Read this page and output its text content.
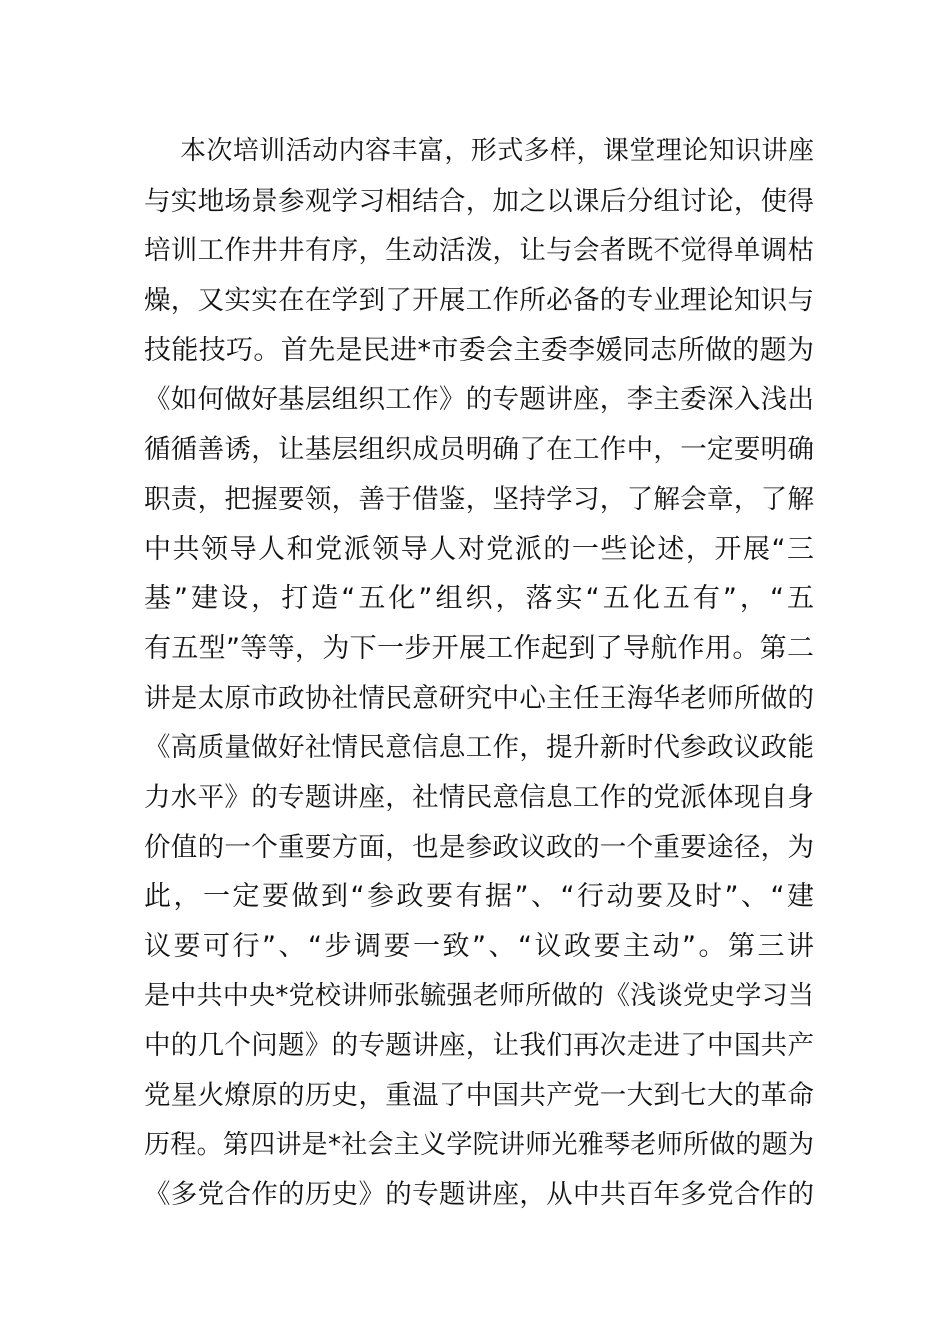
本次培训活动内容丰富，形式多样，课堂理论知识讲座
与实地场景参观学习相结合，加之以课后分组讨论，使得
培训工作井井有序，生动活泼，让与会者既不觉得单调枯
燥，又实实在在学到了开展工作所必备的专业理论知识与
技能技巧。首先是民进*市委会主委李媛同志所做的题为
《如何做好基层组织工作》的专题讲座，李主委深入浅出
循循善诱，让基层组织成员明确了在工作中，一定要明确
职责，把握要领，善于借鉴，坚持学习，了解会章，了解
中共领导人和党派领导人对党派的一些论述，开展“三
基”建设，打造“五化”组织，落实“五化五有”，“五
有五型”等等，为下一步开展工作起到了导航作用。第二
讲是太原市政协社情民意研究中心主任王海华老师所做的
《高质量做好社情民意信息工作，提升新时代参政议政能
力水平》的专题讲座，社情民意信息工作的党派体现自身
价值的一个重要方面，也是参政议政的一个重要途径，为
此，一定要做到“参政要有据”、“行动要及时”、“建
议要可行”、“步调要一致”、“议政要主动”。第三讲
是中共中央*党校讲师张毓强老师所做的《浅谈党史学习当
中的几个问题》的专题讲座，让我们再次走进了中国共产
党星火燎原的历史，重温了中国共产党一大到七大的革命
历程。第四讲是*社会主义学院讲师光雅琴老师所做的题为
《多党合作的历史》的专题讲座，从中共百年多党合作的
